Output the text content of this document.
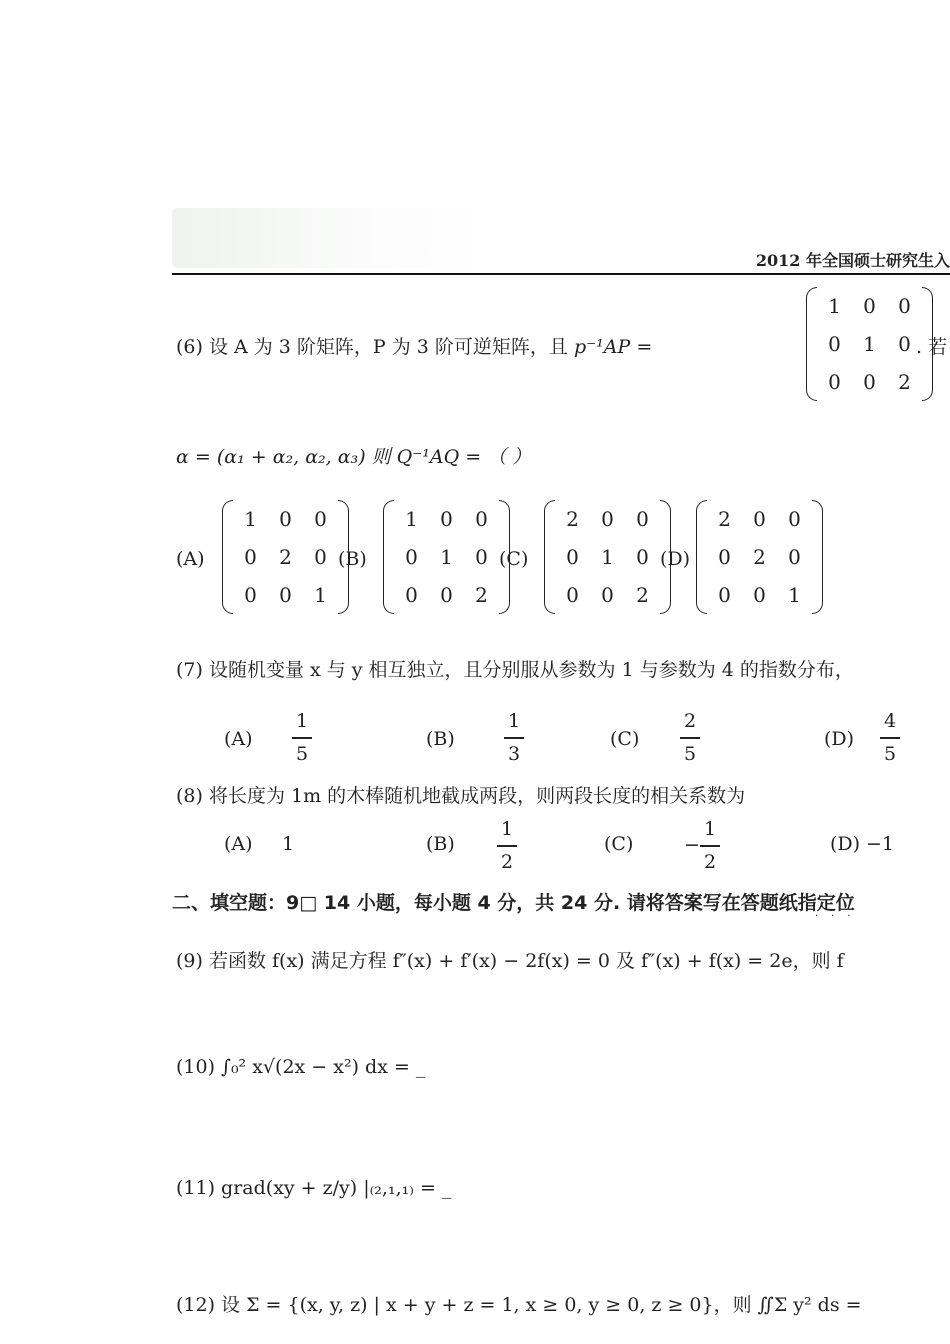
2012 年全国硕士研究生入
(6) 设 A 为 3 阶矩阵，P 为 3 阶可逆矩阵，且 p⁻¹AP =
1 0 0
0 1 0
0 0 2
. 若
α = (α₁ + α₂, α₂, α₃) 则 Q⁻¹AQ = （ ）
(A)
1 0 0
0 2 0
0 0 1
(B)
1 0 0
0 1 0
0 0 2
(C)
2 0 0
0 1 0
0 0 2
(D)
2 0 0
0 2 0
0 0 1
(7) 设随机变量 x 与 y 相互独立，且分别服从参数为 1 与参数为 4 的指数分布，
(A)
1
5
(B)
1
3
(C)
2
5
(D)
4
5
(8) 将长度为 1m 的木棒随机地截成两段，则两段长度的相关系数为
(A) 1	(B)
1
2
(C)	−
1
2
(D) −1
二、填空题：9□ 14 小题，每小题 4 分，共 24 分. 请将答案写在答题纸指定位
···
(9) 若函数 f(x) 满足方程 f″(x) + f′(x) − 2f(x) = 0 及 f″(x) + f(x) = 2e，则 f
(10) ∫₀² x√(2x − x²) dx = _
(11) grad(xy + z/y) |₍₂,₁,₁₎ = _
(12) 设 Σ = {(x, y, z) | x + y + z = 1, x ≥ 0, y ≥ 0, z ≥ 0}，则 ∬Σ y² ds =
